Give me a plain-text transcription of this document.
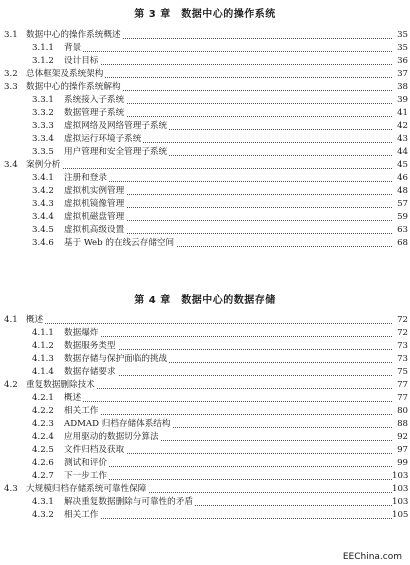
第 3 章　数据中心的操作系统
3.1 数据中心的操作系统概述	35
3.1.1 背景	35
3.1.2 设计目标	36
3.2 总体框架及系统架构	37
3.3 数据中心的操作系统解构	38
3.3.1 系统接入子系统	39
3.3.2 数据管理子系统	41
3.3.3 虚拟网络及网络管理子系统	42
3.3.4 虚拟运行环境子系统	43
3.3.5 用户管理和安全管理子系统	44
3.4 案例分析	45
3.4.1 注册和登录	46
3.4.2 虚拟机实例管理	48
3.4.3 虚拟机镜像管理	57
3.4.4 虚拟机磁盘管理	59
3.4.5 虚拟机高级设置	63
3.4.6 基于 Web 的在线云存储空间	68
第 4 章　数据中心的数据存储
4.1 概述	72
4.1.1 数据爆炸	72
4.1.2 数据服务类型	73
4.1.3 数据存储与保护面临的挑战	73
4.1.4 数据存储要求	75
4.2 重复数据删除技术	77
4.2.1 概述	77
4.2.2 相关工作	80
4.2.3 ADMAD 归档存储体系结构	88
4.2.4 应用驱动的数据切分算法	92
4.2.5 文件归档及获取	97
4.2.6 测试和评价	99
4.2.7 下一步工作	103
4.3 大规模归档存储系统可靠性保障	103
4.3.1 解决重复数据删除与可靠性的矛盾	103
4.3.2 相关工作	105
EEChina.com
